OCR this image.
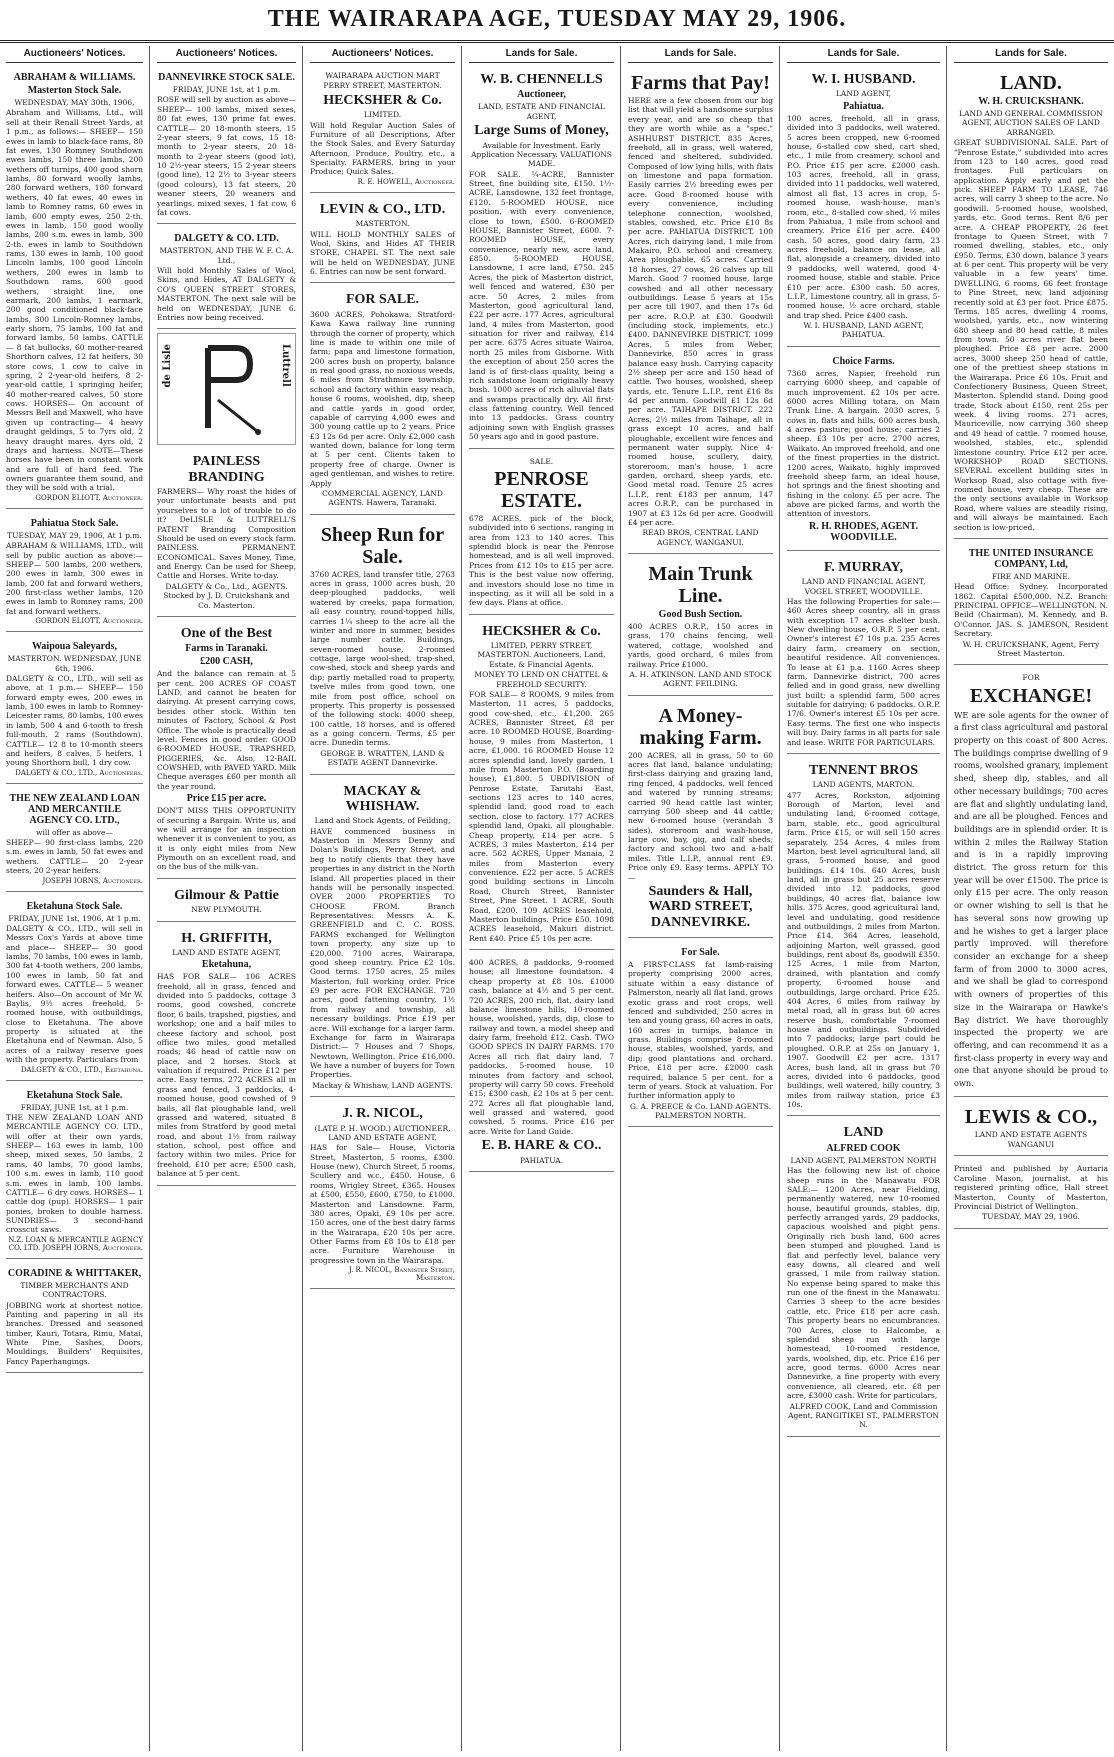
THE WAIRARAPA AGE, TUESDAY MAY 29, 1906.
Auctioneers' Notices.
ABRAHAM & WILLIAMS.
Masterton Stock Sale.
WEDNESDAY, MAY 30th, 1906,
Abraham and Williams, Ltd., will sell at their Renall Street Yards, at 1 p.m., as follows:— SHEEP— 150 ewes in lamb to black-face rams, 80 fat ewes, 130 Romney Southdown ewes lambs, 150 three lambs, 200 wethers off turnips, 400 good shorn lambs, 80 forward woolly lambs, 280 forward wethers, 180 forward wethers, 40 fat ewes, 40 ewes in lamb to Romney rams, 60 ewes in lamb, 600 empty ewes, 250 2-th. ewes in lamb, 150 good woolly lambs, 200 s.m. ewes in lamb, 300 2-th. ewes in lamb to Southdown rams, 130 ewes in lamb, 100 good Lincoln lambs, 100 good Lincoln wethers, 200 ewes in lamb to Southdown rams, 600 good wethers, straight line, one earmark, 200 lambs, 1 earmark, 200 good conditioned black-face lambs, 300 Lincoln-Romney lambs, early shorn, 75 lambs, 100 fat and forward lambs, 50 lambs. CATTLE— 8 fat bullocks, 60 mother-reared Shorthorn calves, 12 fat heifers, 30 store cows, 1 cow to calve in spring, 2 2-year-old heifers, 8 2-year-old cattle, 1 springing heifer, 40 mother-reared calves, 50 store cows. HORSES— On account of Messrs Bell and Maxwell, who have given up contracting— 4 heavy draught geldings, 5 to 7yrs old, 2 heavy draught mares, 4yrs old, 2 drays and harness. NOTE—These horses have been in constant work and are full of hard feed. The owners guarantee them sound, and they will be sold with a trial.
GORDON ELIOTT, Auctioneer.
Pahiatua Stock Sale.
TUESDAY, MAY 29, 1906, At 1 p.m.
ABRAHAM & WILLIAMS, LTD., will sell by public auction as above:— SHEEP— 500 lambs, 200 wethers, 200 ewes in lamb, 300 ewes in lamb, 200 fat and forward wethers, 200 first-class wether lambs, 120 ewes in lamb to Romney rams, 200 fat and forward wethers.
GORDON ELIOTT, Auctioneer.
Waipoua Saleyards,
MASTERTON. WEDNESDAY, JUNE 6th, 1906.
DALGETY & CO., LTD., will sell as above, at 1 p.m.— SHEEP— 150 forward empty ewes, 200 ewes in lamb, 100 ewes in lamb to Romney-Leicester rams, 80 lambs, 100 ewes in lamb, 500 4 and 6-tooth to fresh full-mouth, 2 rams (Southdown). CATTLE— 12 8 to 10-month steers and heifers, 8 calves, 5 heifers, 1 young Shorthorn bull, 1 dry cow.
DALGETY & CO., LTD., Auctioneers.
THE NEW ZEALAND LOAN AND MERCANTILE AGENCY CO. LTD.,
will offer as above—
SHEEP— 90 first-class lambs, 220 s.m. ewes in lamb, 50 fat ewes and wethers. CATTLE— 20 2-year steers, 20 2-year heifers.
JOSEPH IORNS, Auctioneer.
Eketahuna Stock Sale.
FRIDAY, JUNE 1st, 1906, At 1 p.m.
DALGETY & CO., LTD., will sell in Messrs Cox's Yards at above time and place— SHEEP— 30 good lambs, 70 lambs, 100 ewes in lamb, 300 fat 4-tooth wethers, 200 lambs, 100 ewes in lamb, 50 fat and forward ewes. CATTLE— 5 weaner heifers. Also—On account of Mr W. Baylis, 9½ acres freehold, 5-roomed house, with outbuildings, close to Eketahuna. The above property is situated at the Eketahuna end of Newman. Also, 5 acres of a railway reserve goes with the property. Particulars from
DALGETY & CO., LTD., Eketahuna.
Eketahuna Stock Sale.
FRIDAY, JUNE 1st, at 1 p.m.
THE NEW ZEALAND LOAN AND MERCANTILE AGENCY CO. LTD., will offer at their own yards, SHEEP— 163 ewes in lamb, 100 sheep, mixed sexes, 50 lambs, 2 rams, 40 lambs, 70 good lambs, 100 s.m. ewes in lamb, 110 good s.m. ewes in lamb, 100 lambs. CATTLE— 6 dry cows. HORSES— 1 cattle dog (pup). HORSES— 1 pair ponies, broken to double harness. SUNDRIES— 3 second-hand crosscut saws.
N.Z. LOAN & MERCANTILE AGENCY CO. LTD. JOSEPH IORNS, Auctioneer.
CORADINE & WHITTAKER,
TIMBER MERCHANTS AND CONTRACTORS.
JOBBING work at shortest notice. Painting and papering in all its branches. Dressed and seasoned timber, Kauri, Totara, Rimu, Matai, White Pine, Sashes, Doors, Mouldings, Builders' Requisites, Fancy Paperhangings.
Auctioneers' Notices.
DANNEVIRKE STOCK SALE.
FRIDAY, JUNE 1st, at 1 p.m.
ROSE will sell by auction as above— SHEEP— 100 lambs, mixed sexes, 80 fat ewes, 130 prime fat ewes. CATTLE— 20 18-month steers, 15 2-year steers, 9 fat cows, 15 18-month to 2-year steers, 20 18-month to 2-year steers (good lot), 10 2½-year steers, 15 2-year steers (good line), 12 2½ to 3-year steers (good colours), 13 fat steers, 20 weaner steers, 20 weaners and yearlings, mixed sexes, 1 fat cow, 6 fat cows.
DALGETY & CO. LTD.
MASTERTON, AND THE W. F. C. A. Ltd.,
Will hold Monthly Sales of Wool, Skins, and Hides, AT DALGETY & CO'S QUEEN STREET STORES, MASTERTON. The next sale will be held on WEDNESDAY, JUNE 6. Entries now being received.
de Lisle	Luttrell
PAINLESS BRANDING
FARMERS— Why roast the hides of your unfortunate beasts and put yourselves to a lot of trouble to do it? DeLISLE & LUTTRELL'S PATENT Branding Composition Should be used on every stock farm. PAINLESS. PERMANENT. ECONOMICAL. Saves Money, Time, and Energy. Can be used for Sheep, Cattle and Horses. Write to-day.
DALGETY & Co., Ltd., AGENTS. Stocked by J. D. Cruickshank and Co. Masterton.
One of the Best
Farms in Taranaki.
£200 CASH,
And the balance can remain at 5 per cent. 200 ACRES OF COAST LAND, and cannot be beaten for dairying. At present carrying cows, besides other stock. Within ten minutes of Factory, School & Post Office. The whole is practically dead level. Fences in good order. GOOD 6-ROOMED HOUSE, TRAPSHED, PIGGERIES, &c. Also, 12-BAIL COWSHED, with PAVED YARD. Milk Cheque averages £60 per month all the year round.
Price £15 per acre.
DON'T MISS THIS OPPORTUNITY of securing a Bargain. Write us, and we will arrange for an inspection whenever it is convenient to you, as it is only eight miles from New Plymouth on an excellent road, and on the bus of the milk-van.
Gilmour & Pattie
NEW PLYMOUTH.
H. GRIFFITH,
LAND AND ESTATE AGENT,
Eketahuna,
HAS FOR SALE— 106 ACRES freehold, all in grass, fenced and divided into 5 paddocks, cottage 3 rooms, good cowshed, concrete floor, 6 bails, trapshed, pigsties, and workshop; one and a half miles to cheese factory and school, post office two miles, good metalled roads; 46 head of cattle now on place, and 2 horses. Stock at valuation if required. Price £12 per acre. Easy terms. 272 ACRES all in grass and fenced, 3 paddocks, 4-roomed house, good cowshed of 9 bails, all flat ploughable land, well grassed and watered, situated 8 miles from Stratford by good metal road, and about 1½ from railway station, school, post office and factory within two miles. Price for freehold, £10 per acre; £500 cash, balance at 5 per cent.
Auctioneers' Notices.
WAIRARAPA AUCTION MART
PERRY STREET, MASTERTON.
HECKSHER & Co.
LIMITED.
Will hold Regular Auction Sales of Furniture of all Descriptions, After the Stock Sales, and Every Saturday Afternoon, Produce, Poultry, etc., a Specialty. FARMERS, bring in your Produce; Quick Sales.
R. E. HOWELL, Auctioneer.
LEVIN & CO., LTD.
MASTERTON.
WILL HOLD MONTHLY SALES of Wool, Skins, and Hides AT THEIR STORE, CHAPEL ST. The next sale will be held on WEDNESDAY, JUNE 6. Entries can now be sent forward.
FOR SALE.
3600 ACRES, Pohokawa, Stratford-Kawa Kawa railway line running through the corner of property, which line is made to within one mile of farm; papa and limestone formation, 200 acres bush on property, balance in real good grass, no noxious weeds, 6 miles from Strathmore township, school and factory within easy reach, house 6 rooms, woolshed, dip, sheep and cattle yards in good order, capable of carrying 4,000 ewes and 300 young cattle up to 2 years. Price £3 12s 6d per acre. Only £2,000 cash wanted down, balance for long term at 5 per cent. Clients taken to property free of charge. Owner is aged gentleman, and wishes to retire. Apply
COMMERCIAL AGENCY, LAND AGENTS. Hawera, Taranaki.
Sheep Run for Sale.
3760 ACRES, land transfer title, 2763 acres in grass, 1000 acres bush, 20 deep-ploughed paddocks, well watered by creeks, papa formation, all easy country, round-topped hills, carries 1¼ sheep to the acre all the winter and more in summer, besides large number cattle. Buildings, seven-roomed house, 2-roomed cottage, large wool-shed, trap-shed, cow-shed, stock and sheep yards and dip; partly metalled road to property, twelve miles from good town, one mile from post office, school on property. This property is possessed of the following stock: 4000 sheep, 100 cattle, 18 horses, and is offered as a going concern. Terms, £5 per acre. Dunedin terms.
GEORGE B. WRATTEN, LAND & ESTATE AGENT Dannevirke.
MACKAY & WHISHAW.
Land and Stock Agents, of Feilding,
HAVE commenced business in Masterton in Messrs Denny and Dolan's Buildings, Perry Street, and beg to notify clients that they have properties in any district in the North Island. All properties placed in their hands will be personally inspected. OVER 2000 PROPERTIES TO CHOOSE FROM. Branch Representatives: Messrs A. K. GREENFIELD and C. C. ROSS. FARMS exchanged for Wellington town property, any size up to £20,000. 7100 acres, Wairarapa, good sheep country. Price £2 10s. Good terms. 1750 acres, 25 miles Masterton, full working order. Price £9 per acre. FOR EXCHANGE. 720 acres, good fattening country, 1½ from railway and township, all necessary buildings. Price £19 per acre. Will exchange for a larger farm. Exchange for farm in Wairarapa District:— 7 Houses and 7 Shops, Newtown, Wellington. Price £16,000. We have a number of buyers for Town Properties.
Mackay & Whishaw, LAND AGENTS.
J. R. NICOL,
(LATE P. H. WOOD.) AUCTIONEER, LAND AND ESTATE AGENT,
HAS for Sale— House, Victoria Street, Masterton, 5 rooms, £300. House (new), Church Street, 5 rooms, Scullery and w.c., £450. House, 6 rooms, Wrigley Street, £365. Houses at £500, £550, £600, £750, to £1000. Masterton and Lansdowne. Farm, 380 acres, Opaki, £9 10s per acre. 150 acres, one of the best dairy farms in the Wairarapa, £20 10s per acre. Other Farms from £8 10s to £18 per acre. Furniture Warehouse in progressive town in the Wairarapa.
J. R. NICOL, Bannister Street, Masterton.
Lands for Sale.
W. B. CHENNELLS
Auctioneer,
LAND, ESTATE AND FINANCIAL AGENT,
Large Sums of Money,
Available for Investment. Early Application Necessary. VALUATIONS MADE.
FOR SALE. ¼-ACRE, Bannister Street, fine building site, £150. 1½-ACRE, Lansdowne, 132 feet frontage, £120. 5-ROOMED HOUSE, nice position, with every convenience, close to town, £500. 6-ROOMED HOUSE, Bannister Street, £600. 7-ROOMED HOUSE, every convenience, nearly new, acre land, £850. 5-ROOMED HOUSE, Lansdowne, 1 acre land, £750. 245 Acres, the pick of Masterton district, well fenced and watered, £30 per acre. 50 Acres, 2 miles from Masterton, good agricultural land, £22 per acre. 177 Acres, agricultural land, 4 miles from Masterton, good situation for river and railway, £14 per acre. 6375 Acres situate Wairoa, north 25 miles from Gisborne. With the exception of about 250 acres the land is of first-class quality, being a rich sandstone loam originally heavy bush. 1000 acres of rich alluvial flats and swamps practically dry. All first-class fattening country. Well fenced into 13 paddocks. Grass country adjoining sown with English grasses 50 years ago and in good pasture.
SALE.
PENROSE ESTATE.
678 ACRES, pick of the block, subdivided into 6 sections, ranging in area from 123 to 140 acres. This splendid block is near the Penrose homestead, and is all well improved. Prices from £12 10s to £15 per acre. This is the best value now offering, and investors should lose no time in inspecting, as it will all be sold in a few days. Plans at office.
HECKSHER & Co.
LIMITED, PERRY STREET, MASTERTON. Auctioneers, Land, Estate, & Financial Agents.
MONEY TO LEND ON CHATTEL & FREEHOLD SECURITY.
FOR SALE— 8 ROOMS, 9 miles from Masterton, 11 acres, 5 paddocks, good cow-shed, etc., £1,200. 265 ACRES, Bannister Street, £8 per acre. 10 ROOMED HOUSE, Boarding-house, 9 miles from Masterton, 1 acre, £1,000. 16 ROOMED House 12 acres splendid land, lovely garden, 1 mile from Masterton P.O. (Boarding house), £1,800. 5 UBDIVISION of Penrose Estate, Tarutahi East, sections 123 acres to 140 acres, splendid land, good road to each section, close to factory. 177 ACRES splendid land, Opaki, all ploughable. Cheap property, £14 per acre. 5 ACRES, 3 miles Masterton, £14 per acre. 562 ACRES, Upper Manaia, 2 miles from Masterton every convenience. £22 per acre. 5 ACRES good building sections in Lincoln Road, Church Street, Bannister Street, Pine Street. 1 ACRE, South Road, £200. 109 ACRES leasehold, Masterton buildings. Price £50. 1098 ACRES leasehold, Makuri district. Rent £40. Price £5 10s per acre.
400 ACRES, 8 paddocks, 9-roomed house; all limestone foundation. 4 cheap property at £8 10s. £1000 cash, balance at 4½ and 5 per cent. 720 ACRES, 200 rich, flat, dairy land balance limestone hills, 10-roomed house, woolshed, yards, dip, close to railway and town, a model sheep and dairy farm, freehold £12. Cash. TWO GOOD SPECS IN DAIRY FARMS. 170 Acres all rich flat dairy land, 7 paddocks, 5-roomed house, 10 minutes from factory and school, property will carry 50 cows. Freehold £15; £300 cash, £2 10s at 5 per cent. 272 Acres all flat ploughable land, well grassed and watered, good cowshed, 5 rooms. Price £16 per acre. Write for Land Guide.
E. B. HARE & CO..
PAHIATUA.
Lands for Sale.
Farms that Pay!
HERE are a few chosen from our big list that will yield a handsome surplus every year, and are so cheap that they are worth while as a "spec." ASHHURST DISTRICT. 835 Acres, freehold, all in grass, well watered, fenced and sheltered, subdivided. Composed of low lying hills, with flats on limestone and papa formation. Easily carries 2½ breeding ewes per acre. Good 8-roomed house with every convenience, including telephone connection, woolshed, stables, cowshed, etc. Price £10 8s per acre. PAHIATUA DISTRICT. 100 Acres, rich dairying land, 1 mile from Makairo, P.O. school and creamery. Area ploughable, 65 acres. Carried 18 horses, 27 cows, 26 calves up till March. Good 7 roomed house, large cowshed and all other necessary outbuildings. Lease 5 years at 15s per acre till 1907, and then 17s 6d per acre. R.O.P. at £30. Goodwill (including stock, implements, etc.) £400. DANNEVIRKE DISTRICT. 1099 Acres, 5 miles from Weber, Dannevirke, 850 acres in grass balance easy bush. Carrying capacity 2½ sheep per acre and 150 head of cattle. Two houses, woolshed, sheep yards, etc. Tenure L.I.P., rent £16 8s 4d per annum. Goodwill £1 12s 6d per acre. TAIHAPE DISTRICT. 222 Acres, 2½ miles from Taihape, all in grass except 10 acres, and half ploughable, excellent wire fences and permanent water supply. Nice 4-roomed house, scullery, dairy, storeroom, man's house, 1 acre garden, orchard, sheep yards, etc. Good metal road. Tenure 25 acres L.I.P., rent £183 per annum, 147 acres O.R.P., can be purchased in 1907 at £3 12s 6d per acre. Goodwill £4 per acre.
READ BROS, CENTRAL LAND AGENCY, WANGANUI.
Main Trunk Line.
Good Bush Section.
400 ACRES O.R.P., 150 acres in grass, 170 chains fencing, well watered, cottage, woolshed and yards, good orchard, 6 miles from railway. Price £1000.
A. H. ATKINSON. LAND AND STOCK AGENT. FEILDING.
A Money-making Farm.
200 ACRES, all in grass, 50 to 60 acres flat land, balance undulating; first-class dairying and grazing land, ring fenced, 4 paddocks, well fenced and watered by running streams; carried 90 head cattle last winter, carrying 500 sheep and 44 cattle; new 6-roomed house (verandah 3 sides), storeroom and wash-house, large cow, bay, gig, and calf sheds; factory and school two and a-half miles. Title L.I.P., annual rent £9. Price only £9. Easy terms. APPLY TO—
Saunders & Hall, WARD STREET, DANNEVIRKE.
For Sale.
A FIRST-CLASS fat lamb-raising property comprising 2000 acres, situate within a easy distance of Palmerston, nearly all flat land, grows exotic grass and root crops, well fenced and subdivided, 250 acres in ten and young grass, 60 acres in oats, 160 acres in turnips, balance in grass. Buildings comprise 8-roomed house, stables, woolshed, yards, and dip; good plantations and orchard. Price, £18 per acre. £2000 cash required, balance 5 per cent. for a term of years. Stock at valuation. For further information apply to
G. A. PREECE & Co. LAND AGENTS. PALMERSTON NORTH.
Lands for Sale.
W. I. HUSBAND.
LAND AGENT,
Pahiatua.
100 acres, freehold, all in grass, divided into 3 paddocks, well watered. 5 acres been cropped, new 6-roomed house, 6-stalled cow shed, cart shed, etc., 1 mile from creamery, school and P.O. Price £15 per acre. £2000 cash. 103 acres, freehold, all in grass, divided into 11 paddocks, well watered, almost all flat, 13 acres in crop, 5-roomed house, wash-house, man's room, etc., 8-stalled cow shed, ½ miles from Pahiatua, 1 mile from school and creamery. Price £16 per acre. £400 cash. 50 acres, good dairy farm, 23 acres freehold, balance on lease, all flat, alongside a creamery, divided into 9 paddocks, well watered, good 4-roomed house, stable and stable. Price £10 per acre. £300 cash. 50 acres, L.I.P., Limestone country, all in grass, 5-roomed house, ½ acre orchard, stable and trap shed. Price £400 cash.
W. I. HUSBAND, LAND AGENT, PAHIATUA.
Choice Farms.
7360 acres, Napier, freehold run carrying 6000 sheep, and capable of much improvement. £2 10s per acre. 6000 acres Milling totara, on Main Trunk Line. A bargain. 2030 acres, 5 cows in, flats and hills, 600 acres bush, 4 acres pasture; good house; carries 2 sheep. £3 10s per acre. 2700 acres, Waikato. An improved freehold, and one of the finest properties in the district. 1200 acres, Waikato, highly improved freehold sheep farm, an ideal house, hot springs and the finest shooting and fishing in the colony. £5 per acre. The above are picked farms, and worth the attention of investors.
R. H. RHODES, AGENT. WOODVILLE.
F. MURRAY,
LAND AND FINANCIAL AGENT, VOGEL STREET, WOODVILLE.
Has the following Properties for sale:— 460 Acres sheep country, all in grass with exception 17 acres shelter bush. New dwelling house, O.R.P. 5 per cent. Owner's interest £7 10s p.a. 235 Acres dairy farm, creamery on section, beautiful residence. All conveniences. To lease at £1 p.a. 1160 Acres sheep farm, Dannevirke district, 700 acres felled and in good grass, new dwelling just built; a splendid farm, 500 acres suitable for dairying; 6 paddocks. O.R.P. 17/6. Owner's interest £5 10s per acre. Easy terms. The first one who inspects will buy. Dairy farms in all parts for sale and lease. WRITE FOR PARTICULARS.
TENNENT BROS
LAND AGENTS, MARTON.
477 Acres, Rockston, adjoining Borough of Marton, level and undulating land, 6-roomed cottage, barn, stable, etc., good agricultural farm. Price £15, or will sell 150 acres separately. 254 Acres, 4 miles from Marton, best level agricultural land, all grass, 5-roomed house, and good buildings. £14 10s. 640 Acres, bush land, all in grass but 25 acres reserve divided into 12 paddocks, good buildings, 40 acres flat, balance low hills. 375 Acres, good agricultural land, level and undulating, good residence and outbuildings, 2 miles from Marton. Price £14. 364 Acres, leasehold, adjoining Marton, well grassed, good buildings, rent about 8s, goodwill £350. 125 Acres, 1 mile from Marton, drained, with plantation and comfy property, 6-roomed house and outbuildings, large orchard. Price £25. 404 Acres, 6 miles from railway by metal road, all in grass but 60 acres reserve bush, comfortable 7-roomed house and outbuildings. Subdivided into 7 paddocks; large part could be ploughed. O.R.P. at 25s on January 1, 1907. Goodwill £2 per acre. 1317 Acres, bush land, all in grass but 70 acres, divided into 6 paddocks, good buildings, well watered, hilly country, 3 miles from railway station, price £3 10s.
LAND
ALFRED COOK
LAND AGENT, PALMERSTON NORTH
Has the following new list of choice sheep runs in the Manawatu FOR SALE:— 1200 Acres, near Fielding, permanently watered, new 10-roomed house, beautiful grounds, stables, dip, perfectly arranged yards, 29 paddocks, capacious woolshed and pight pens. Originally rich bush land, 600 acres been stumped and ploughed. Land is flat and perfectly level, balance very easy downs, all cleared and well grassed, 1 mile from railway station. No expense being spared to make this run one of the finest in the Manawatu. Carries 3 sheep to the acre besides cattle, etc. Price £18 per acre cash. This property bears no encumbrances. 700 Acres, close to Halcombe, a splendid sheep run with large homestead, 10-roomed residence, yards, woolshed, dip, etc. Price £16 per acre, good terms. 6000 Acres near Dannevirke, a fine property with every convenience, all cleared, etc. £8 per acre, £3000 cash. Write for particulars,
ALFRED COOK, Land and Commission Agent, RANGITIKEI ST., PALMERSTON N.
Lands for Sale.
LAND.
W. H. CRUICKSHANK.
LAND AND GENERAL COMMISSION AGENT, AUCTION SALES OF LAND ARRANGED.
GREAT SUBDIVISIONAL SALE. Part of "Penrose Estate," subdivided into acres from 123 to 140 acres, good road frontages. Full particulars on application. Apply early and get the pick. SHEEP FARM TO LEASE, 746 acres, will carry 3 sheep to the acre. No goodwill. 5-roomed house, woolshed, yards, etc. Good terms. Rent 8/6 per acre. A CHEAP PROPERTY, 26 feet frontage to Queen Street, with 7 roomed dwelling, stables, etc., only £950. Terms, £30 down, balance 3 years at 6 per cent. This property will be very valuable in a few years' time. DWELLING, 6 rooms, 66 feet frontage to Pine Street, new, land adjoining recently sold at £3 per foot. Price £875. Terms. 185 acres, dwelling 4 rooms, woolshed, yards, etc., now wintering 680 sheep and 80 head cattle, 8 miles from town. 50 acres river flat been ploughed. Price £8 per acre. 2000 acres, 3000 sheep 250 head of cattle, one of the prettiest sheep stations in the Wairarapa. Price £6 10s. Fruit and Confectionery Business, Queen Street, Masterton. Splendid stand. Doing good trade, Stock about £150, rent 25s per week. 4 living rooms. 271 acres, Mauriceville, now carrying 360 sheep and 49 head of cattle. 7 roomed house, woolshed, stables, etc., splendid limestone country. Price £12 per acre. WORKSHOP ROAD SECTIONS. SEVERAL excellent building sites in Worksop Road, also cottage with five-roomed house, very cheap. These are the only sections available in Worksop Road, where values are steadily rising, and will always be maintained. Each section is low-priced.
THE UNITED INSURANCE COMPANY, Ltd,
FIRE AND MARINE.
Head Office: Sydney. Incorporated 1862. Capital £500,000. N.Z. Branch: PRINCIPAL OFFICE—WELLINGTON. N. Beild (Chairman), M. Kennedy, and B. O'Connor. JAS. S. JAMESON, Resident Secretary.
W. H. CRUICKSHANK, Agent, Ferry Street Masterton.
FOR
EXCHANGE!
WE are sole agents for the owner of a first class agricultural and pastoral property on this coast of 800 Acres. The buildings comprise dwelling of 9 rooms, woolshed granary, implement shed, sheep dip, stables, and all other necessary buildings; 700 acres are flat and slightly undulating land, and are all be ploughed. Fences and buildings are in splendid order. It is within 2 miles the Railway Station and is in a rapidly improving district. The gross return for this year will be over £1500. The price is only £15 per acre. The only reason or owner wishing to sell is that he has several sons now growing up and he wishes to get a larger place partly improved. will therefore consider an exchange for a sheep farm of from 2000 to 3000 acres, and we shall be glad to correspond with owners of properties of this size in the Wairarapa or Hawke's Bay district. We have thoroughly inspected the property we are offering, and can recommend it as a first-class property in every way and one that anyone should be proud to own.
LEWIS & CO.,
LAND AND ESTATE AGENTS
WANGANUI
Printed and published by Auriaria Caroline Mason, journalist, at his registered printing office, Hall street Masterton, County of Masterton, Provincial District of Wellington.
TUESDAY, MAY 29, 1906.
